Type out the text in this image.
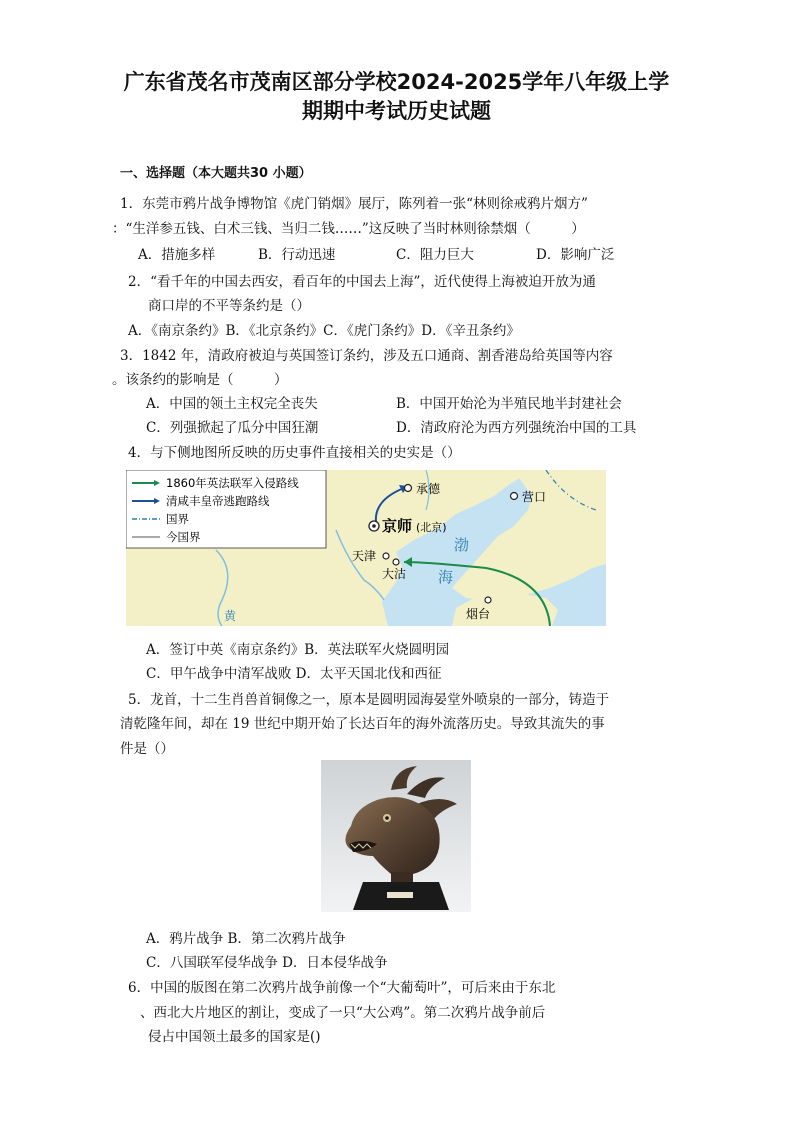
广东省茂名市茂南区部分学校2024-2025学年八年级上学
期期中考试历史试题
一、选择题（本大题共30 小题）
1．东莞市鸦片战争博物馆《虎门销烟》展厅，陈列着一张“林则徐戒鸦片烟方”
：“生洋参五钱、白术三钱、当归二钱……”这反映了当时林则徐禁烟（　　　）
A．措施多样	B．行动迅速	C．阻力巨大	D．影响广泛
2．“看千年的中国去西安，看百年的中国去上海”，近代使得上海被迫开放为通
商口岸的不平等条约是（）
A．《南京条约》B．《北京条约》C．《虎门条约》D．《辛丑条约》
3．1842 年，清政府被迫与英国签订条约，涉及五口通商、割香港岛给英国等内容
。该条约的影响是（　　　）
A．中国的领土主权完全丧失	B．中国开始沦为半殖民地半封建社会
C．列强掀起了瓜分中国狂潮	D．清政府沦为西方列强统治中国的工具
4．与下侧地图所反映的历史事件直接相关的史实是（）
承德
营口
京师 (北京)
天津
大沽
渤
海
烟台
黄
1860年英法联军入侵路线
清咸丰皇帝逃跑路线
国界
今国界
A．签订中英《南京条约》B．英法联军火烧圆明园
C．甲午战争中清军战败 D．太平天国北伐和西征
5．龙首，十二生肖兽首铜像之一，原本是圆明园海晏堂外喷泉的一部分，铸造于
清乾隆年间，却在 19 世纪中期开始了长达百年的海外流落历史。导致其流失的事
件是（）
A．鸦片战争 B．第二次鸦片战争
C．八国联军侵华战争 D．日本侵华战争
6．中国的版图在第二次鸦片战争前像一个“大葡萄叶”，可后来由于东北
、西北大片地区的割让，变成了一只“大公鸡”。第二次鸦片战争前后
侵占中国领土最多的国家是()
